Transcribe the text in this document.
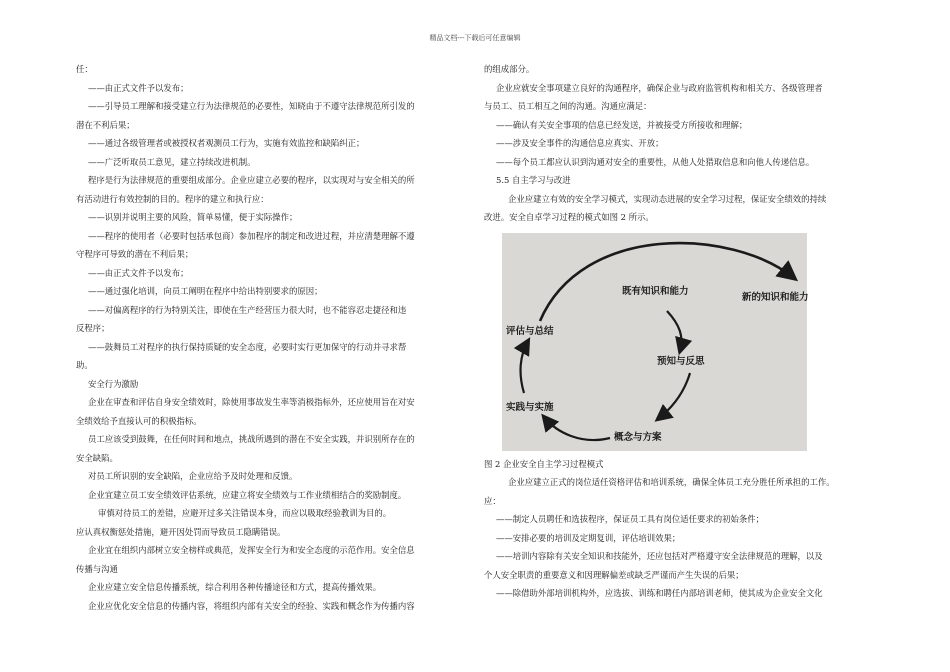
精品文档---下载后可任意编辑

任：

——由正式文件予以发布；

——引导员工理解和接受建立行为法律规范的必要性，知晓由于不遵守法律规范所引发的

潜在不利后果；

——通过各级管理者或被授权者观测员工行为，实施有效监控和缺陷纠正；

——广泛听取员工意见，建立持续改进机制。

程序是行为法律规范的重要组成部分。企业应建立必要的程序，以实现对与安全相关的所

有活动进行有效控制的目的。程序的建立和执行应：

——识别并说明主要的风险，简单易懂，便于实际操作；

——程序的使用者（必要时包括承包商）参加程序的制定和改进过程，并应清楚理解不遵

守程序可导致的潜在不利后果；

——由正式文件予以发布；

——通过强化培训，向员工阐明在程序中给出特别要求的原因；

——对偏离程序的行为特别关注，即使在生产经营压力很大时，也不能容忍走捷径和违

反程序；

——鼓舞员工对程序的执行保持质疑的安全态度，必要时实行更加保守的行动并寻求帮

助。

安全行为激励

企业在审查和评估自身安全绩效时，除使用事故发生率等消极指标外，还应使用旨在对安

全绩效给予直接认可的积极指标。

员工应该受到鼓舞，在任何时间和地点，挑战所遇到的潜在不安全实践，并识别所存在的

安全缺陷。

对员工所识别的安全缺陷，企业应给予及时处理和反馈。

企业宜建立员工安全绩效评估系统，应建立将安全绩效与工作业绩相结合的奖励制度。

审慎对待员工的差错，应避开过多关注错误本身，而应以吸取经验教训为目的。

应认真权衡惩处措施，避开因处罚而导致员工隐瞒错误。

企业宜在组织内部树立安全榜样或典范，发挥安全行为和安全态度的示范作用。安全信息

传播与沟通

企业应建立安全信息传播系统，综合利用各种传播途径和方式，提高传播效果。

企业应优化安全信息的传播内容，将组织内部有关安全的经验、实践和概念作为传播内容

的组成部分。

企业应就安全事项建立良好的沟通程序，确保企业与政府监管机构和相关方、各级管理者

与员工、员工相互之间的沟通。沟通应满足：

——确认有关安全事项的信息已经发送，并被接受方所接收和理解；

——涉及安全事件的沟通信息应真实、开放；

——每个员工都应认识到沟通对安全的重要性，从他人处猎取信息和向他人传递信息。

5.5 自主学习与改进

企业应建立有效的安全学习模式，实现动态进展的安全学习过程，保证安全绩效的持续

改进。安全自卓学习过程的模式如图 2 所示。

既有知识和能力
新的知识和能力
评估与总结
预知与反思
实践与实施
概念与方案

图 2 企业安全自主学习过程模式

企业应建立正式的岗位适任资格评估和培训系统，确保全体员工充分胜任所承担的工作。

应：

——制定人员聘任和选拔程序，保证员工具有岗位适任要求的初始条件；

——安排必要的培训及定期复训，评估培训效果；

——培训内容除有关安全知识和技能外，还应包括对严格遵守安全法律规范的理解，以及

个人安全职责的重要意义和因理解偏差或缺乏严谨而产生失误的后果；

——除借助外部培训机构外，应选拔、训练和聘任内部培训老师，使其成为企业安全文化
